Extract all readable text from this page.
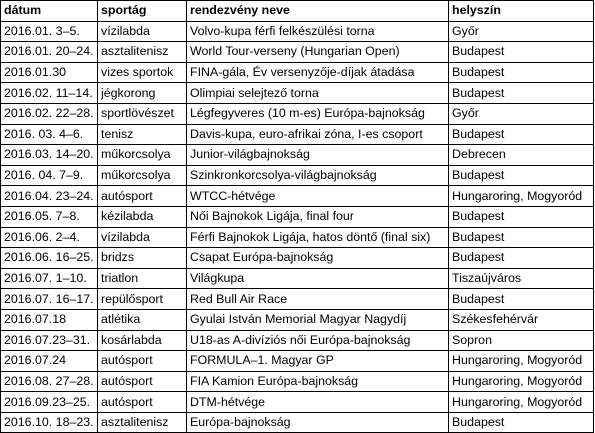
dátum	sportág	rendezvény neve	helyszín
2016.01. 3–5.	vízilabda	Volvo-kupa férfi felkészülési torna	Győr
2016.01. 20–24.	asztalitenisz	World Tour-verseny (Hungarian Open)	Budapest
2016.01.30	vizes sportok	FINA-gála, Év versenyzője-díjak átadása	Budapest
2016.02. 11–14.	jégkorong	Olimpiai selejtező torna	Budapest
2016.02. 22–28.	sportlövészet	Légfegyveres (10 m-es) Európa-bajnokság	Győr
2016. 03. 4–6.	tenisz	Davis-kupa, euro-afrikai zóna, I-es csoport	Budapest
2016.03. 14–20.	műkorcsolya	Junior-világbajnokság	Debrecen
2016. 04. 7–9.	műkorcsolya	Szinkronkorcsolya-világbajnokság	Budapest
2016.04. 23–24.	autósport	WTCC-hétvége	Hungaroring, Mogyoród
2016.05. 7–8.	kézilabda	Női Bajnokok Ligája, final four	Budapest
2016.06. 2–4.	vízilabda	Férfi Bajnokok Ligája, hatos döntő (final six)	Budapest
2016.06. 16–25.	bridzs	Csapat Európa-bajnokság	Budapest
2016.07. 1–10.	triatlon	Világkupa	Tiszaújváros
2016.07. 16–17.	repülősport	Red Bull Air Race	Budapest
2016.07.18	atlétika	Gyulai István Memorial Magyar Nagydíj	Székesfehérvár
2016.07.23–31.	kosárlabda	U18-as A-divíziós női Európa-bajnokság	Sopron
2016.07.24	autósport	FORMULA–1. Magyar GP	Hungaroring, Mogyoród
2016.08. 27–28.	autósport	FIA Kamion Európa-bajnokság	Hungaroring, Mogyoród
2016.09.23–25.	autósport	DTM-hétvége	Hungaroring, Mogyoród
2016.10. 18–23.	asztalitenisz	Európa-bajnokság	Budapest
